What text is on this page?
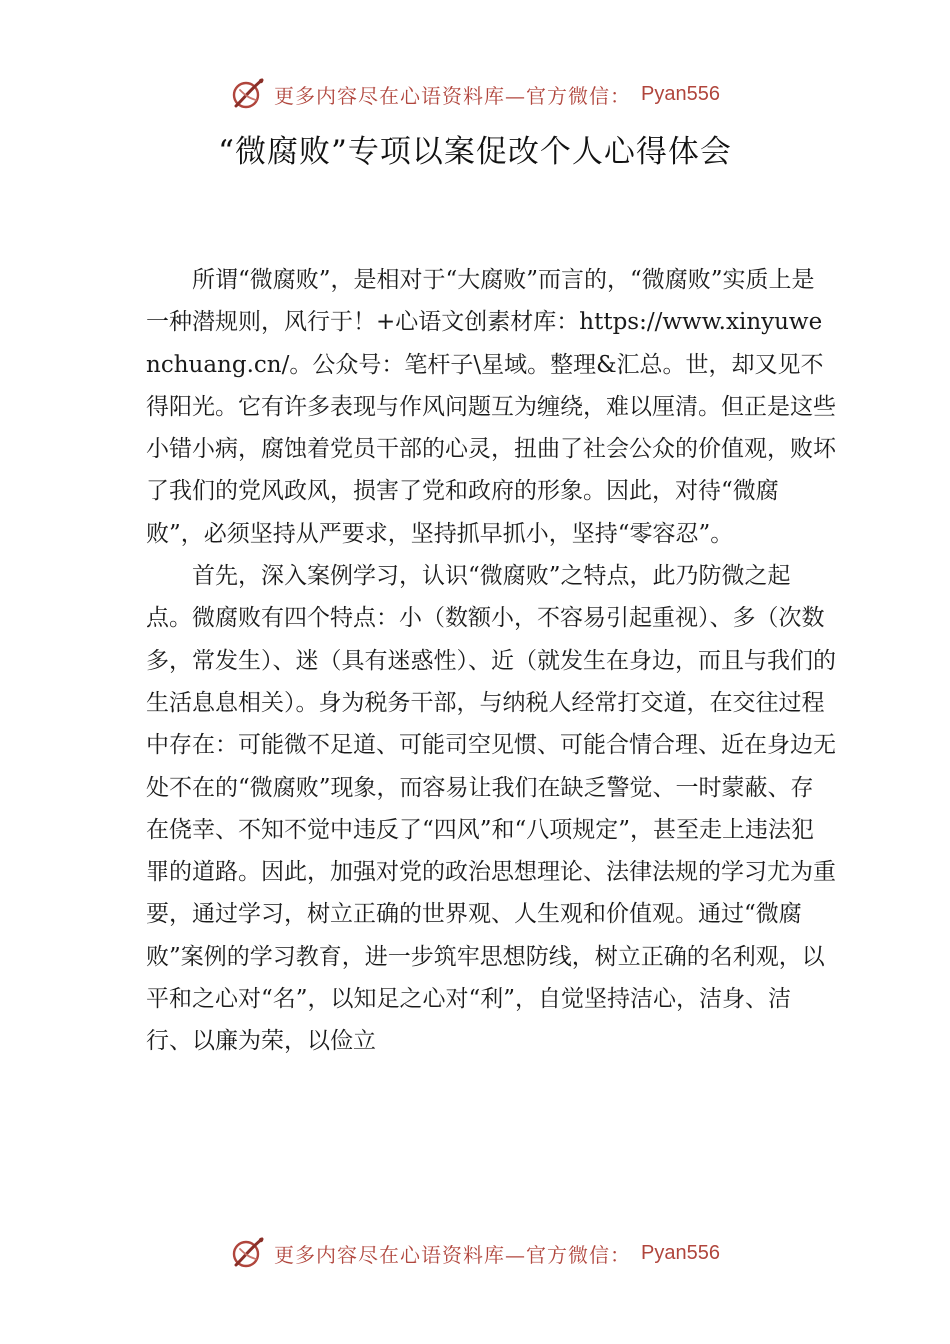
更多内容尽在心语资料库—官方微信： Pyan556
“微腐败”专项以案促改个人心得体会

所谓“微腐败”，是相对于“大腐败”而言的，“微腐败”实质上是一种潜规则，风行于！+心语文创素材库：https://www.xinyuwenchuang.cn/。公众号：笔杆子\星域。整理&汇总。世，却又见不得阳光。它有许多表现与作风问题互为缠绕，难以厘清。但正是这些小错小病，腐蚀着党员干部的心灵，扭曲了社会公众的价值观，败坏了我们的党风政风，损害了党和政府的形象。因此，对待“微腐败”，必须坚持从严要求，坚持抓早抓小，坚持“零容忍”。

首先，深入案例学习，认识“微腐败”之特点，此乃防微之起点。微腐败有四个特点：小（数额小，不容易引起重视）、多（次数多，常发生）、迷（具有迷惑性）、近（就发生在身边，而且与我们的生活息息相关）。身为税务干部，与纳税人经常打交道，在交往过程中存在：可能微不足道、可能司空见惯、可能合情合理、近在身边无处不在的“微腐败”现象，而容易让我们在缺乏警觉、一时蒙蔽、存在侥幸、不知不觉中违反了“四风”和“八项规定”，甚至走上违法犯罪的道路。因此，加强对党的政治思想理论、法律法规的学习尤为重要，通过学习，树立正确的世界观、人生观和价值观。通过“微腐败”案例的学习教育，进一步筑牢思想防线，树立正确的名利观，以平和之心对“名”，以知足之心对“利”，自觉坚持洁心，洁身、洁行、以廉为荣，以俭立

更多内容尽在心语资料库—官方微信： Pyan556
